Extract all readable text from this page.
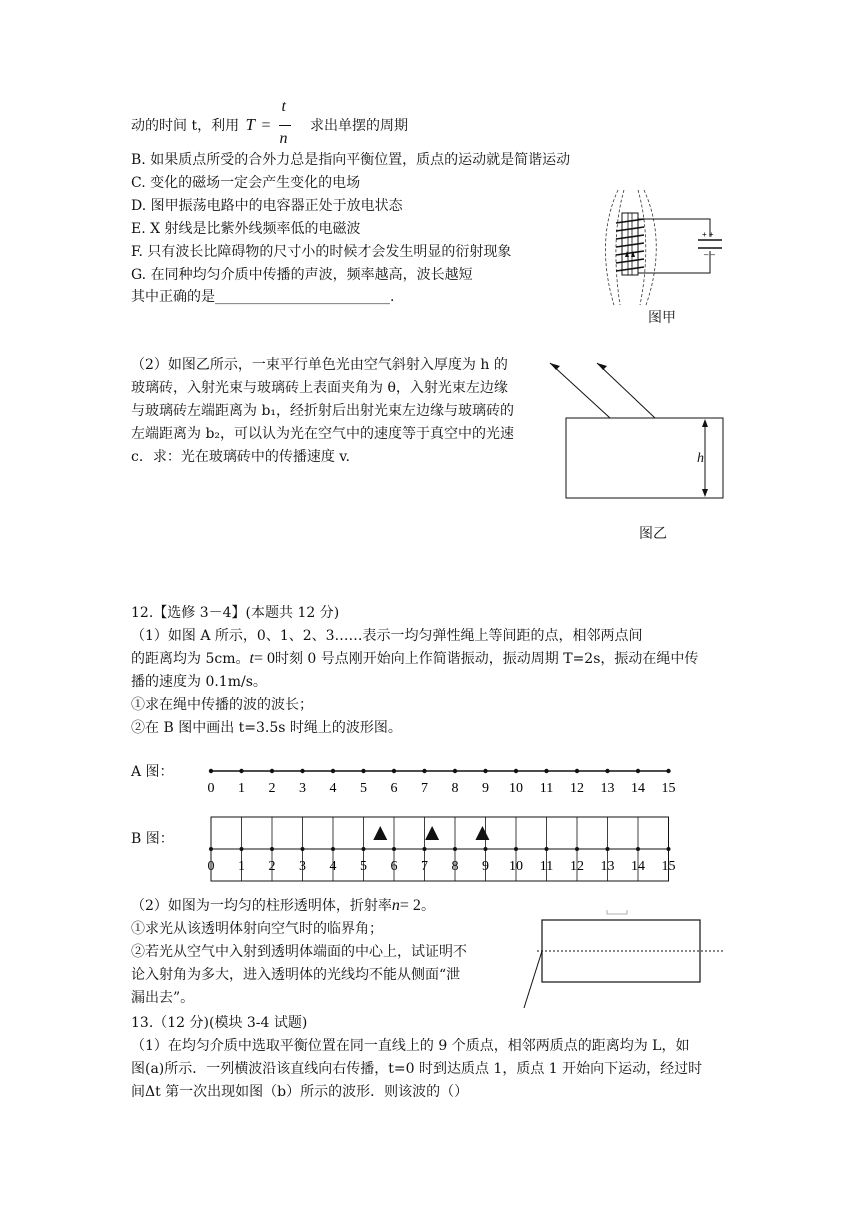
动的时间 t，利用 T =
t
n
求出单摆的周期
B. 如果质点所受的合外力总是指向平衡位置，质点的运动就是简谐运动
C. 变化的磁场一定会产生变化的电场
D. 图甲振荡电路中的电容器正处于放电状态
E. X 射线是比紫外线频率低的电磁波
F. 只有波长比障碍物的尺寸小的时候才会发生明显的衍射现象
G. 在同种均匀介质中传播的声波，频率越高，波长越短
其中正确的是_________________________.
+ +
– –
图甲
（2）如图乙所示，一束平行单色光由空气斜射入厚度为 h 的
玻璃砖，入射光束与玻璃砖上表面夹角为 θ，入射光束左边缘
与玻璃砖左端距离为 b₁，经折射后出射光束左边缘与玻璃砖的
左端距离为 b₂，可以认为光在空气中的速度等于真空中的光速
c．求：光在玻璃砖中的传播速度 v.	h
图乙
12.【选修 3－4】(本题共 12 分)
（1）如图 A 所示，0、1、2、3……表示一均匀弹性绳上等间距的点，相邻两点间
的距离均为 5cm。t= 0时刻 0 号点刚开始向上作简谐振动，振动周期 T=2s，振动在绳中传
播的速度为 0.1m/s。
①求在绳中传播的波的波长；
②在 B 图中画出 t=3.5s 时绳上的波形图。
A 图：
0 1 2 3 4 5 6 7 8 9 10 11 12 13 14 15
B 图：
0 1 2 3 4 5 6 7 8 9 10 11 12 13 14 15
（2）如图为一均匀的柱形透明体，折射率n= 2。
①求光从该透明体射向空气时的临界角；
②若光从空气中入射到透明体端面的中心上，试证明不
论入射角为多大，进入透明体的光线均不能从侧面“泄
漏出去”。
13.（12 分)(模块 3-4 试题)
（1）在均匀介质中选取平衡位置在同一直线上的 9 个质点，相邻两质点的距离均为 L，如
图(a)所示．一列横波沿该直线向右传播，t=0 时到达质点 1，质点 1 开始向下运动，经过时
间Δt 第一次出现如图（b）所示的波形．则该波的（）
